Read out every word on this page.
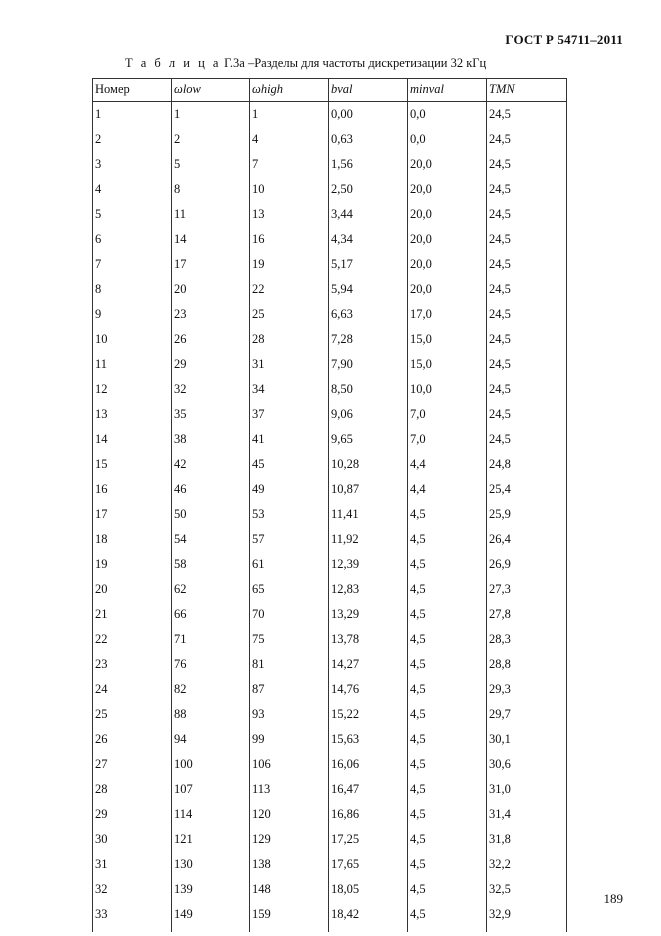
ГОСТ Р 54711–2011
Т а б л и ц а Г.3а –Разделы для частоты дискретизации 32 кГц
Номер	ωlow	ωhigh	bval	minval	TMN
1	1	1	0,00	0,0	24,5
2	2	4	0,63	0,0	24,5
3	5	7	1,56	20,0	24,5
4	8	10	2,50	20,0	24,5
5	11	13	3,44	20,0	24,5
6	14	16	4,34	20,0	24,5
7	17	19	5,17	20,0	24,5
8	20	22	5,94	20,0	24,5
9	23	25	6,63	17,0	24,5
10	26	28	7,28	15,0	24,5
11	29	31	7,90	15,0	24,5
12	32	34	8,50	10,0	24,5
13	35	37	9,06	7,0	24,5
14	38	41	9,65	7,0	24,5
15	42	45	10,28	4,4	24,8
16	46	49	10,87	4,4	25,4
17	50	53	11,41	4,5	25,9
18	54	57	11,92	4,5	26,4
19	58	61	12,39	4,5	26,9
20	62	65	12,83	4,5	27,3
21	66	70	13,29	4,5	27,8
22	71	75	13,78	4,5	28,3
23	76	81	14,27	4,5	28,8
24	82	87	14,76	4,5	29,3
25	88	93	15,22	4,5	29,7
26	94	99	15,63	4,5	30,1
27	100	106	16,06	4,5	30,6
28	107	113	16,47	4,5	31,0
29	114	120	16,86	4,5	31,4
30	121	129	17,25	4,5	31,8
31	130	138	17,65	4,5	32,2
32	139	148	18,05	4,5	32,5
33	149	159	18,42	4,5	32,9
189
